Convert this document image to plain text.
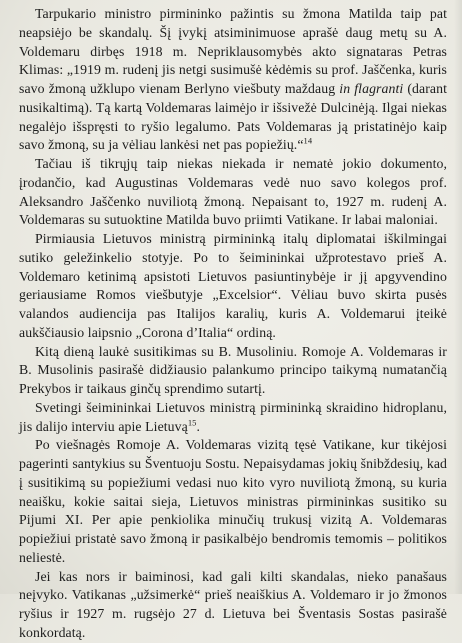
Tarpukario ministro pirmininko pažintis su žmona Matilda taip pat neapsiėjo be skandalų. Šį įvykį atsiminimuose aprašė daug metų su A. Voldemaru dirbęs 1918 m. Nepriklausomybės akto signataras Petras Klimas: „1919 m. rudenį jis netgi susimušė kėdėmis su prof. Jaščenka, kuris savo žmoną užklupo vienam Berlyno viešbuty maždaug in flagranti (darant nusikaltimą). Tą kartą Voldemaras laimėjo ir išsivežė Dulcinėją. Ilgai niekas negalėjo išspręsti to ryšio legalumo. Pats Voldemaras ją pristatinėjo kaip savo žmoną, su ja vėliau lankėsi net pas popiežių.“$^{14}$

Tačiau iš tikrųjų taip niekas niekada ir nematė jokio dokumento, įrodančio, kad Augustinas Voldemaras vedė nuo savo kolegos prof. Aleksandro Jaščenko nuviliotą žmoną. Nepaisant to, 1927 m. rudenį A. Voldemaras su sutuoktine Matilda buvo priimti Vatikane. Ir labai maloniai.

Pirmiausia Lietuvos ministrą pirmininką italų diplomatai iškilmingai sutiko geležinkelio stotyje. Po to šeimininkai užprotestavo prieš A. Voldemaro ketinimą apsistoti Lietuvos pasiuntinybėje ir jį apgyvendino geriausiame Romos viešbutyje „Excelsior“. Vėliau buvo skirta pusės valandos audiencija pas Italijos karalių, kuris A. Voldemarui įteikė aukščiausio laipsnio „Corona d’Italia“ ordiną.

Kitą dieną laukė susitikimas su B. Musoliniu. Romoje A. Voldemaras ir B. Musolinis pasirašė didžiausio palankumo principo taikymą numatančią Prekybos ir taikaus ginčų sprendimo sutartį.

Svetingi šeimininkai Lietuvos ministrą pirmininką skraidino hidroplanu, jis dalijo interviu apie Lietuvą$^{15}$.

Po viešnagės Romoje A. Voldemaras vizitą tęsė Vatikane, kur tikėjosi pagerinti santykius su Šventuoju Sostu. Nepaisydamas jokių šnibždesių, kad į susitikimą su popiežiumi vedasi nuo kito vyro nuviliotą žmoną, su kuria neaišku, kokie saitai sieja, Lietuvos ministras pirmininkas susitiko su Pijumi XI. Per apie penkiolika minučių trukusį vizitą A. Voldemaras popiežiui pristatė savo žmoną ir pasikalbėjo bendromis temomis – politikos neliestė.

Jei kas nors ir baiminosi, kad gali kilti skandalas, nieko panašaus neįvyko. Vatikanas „užsimerkė“ prieš neaiškius A. Voldemaro ir jo žmonos ryšius ir 1927 m. rugsėjo 27 d. Lietuva bei Šventasis Sostas pasirašė konkordatą.
